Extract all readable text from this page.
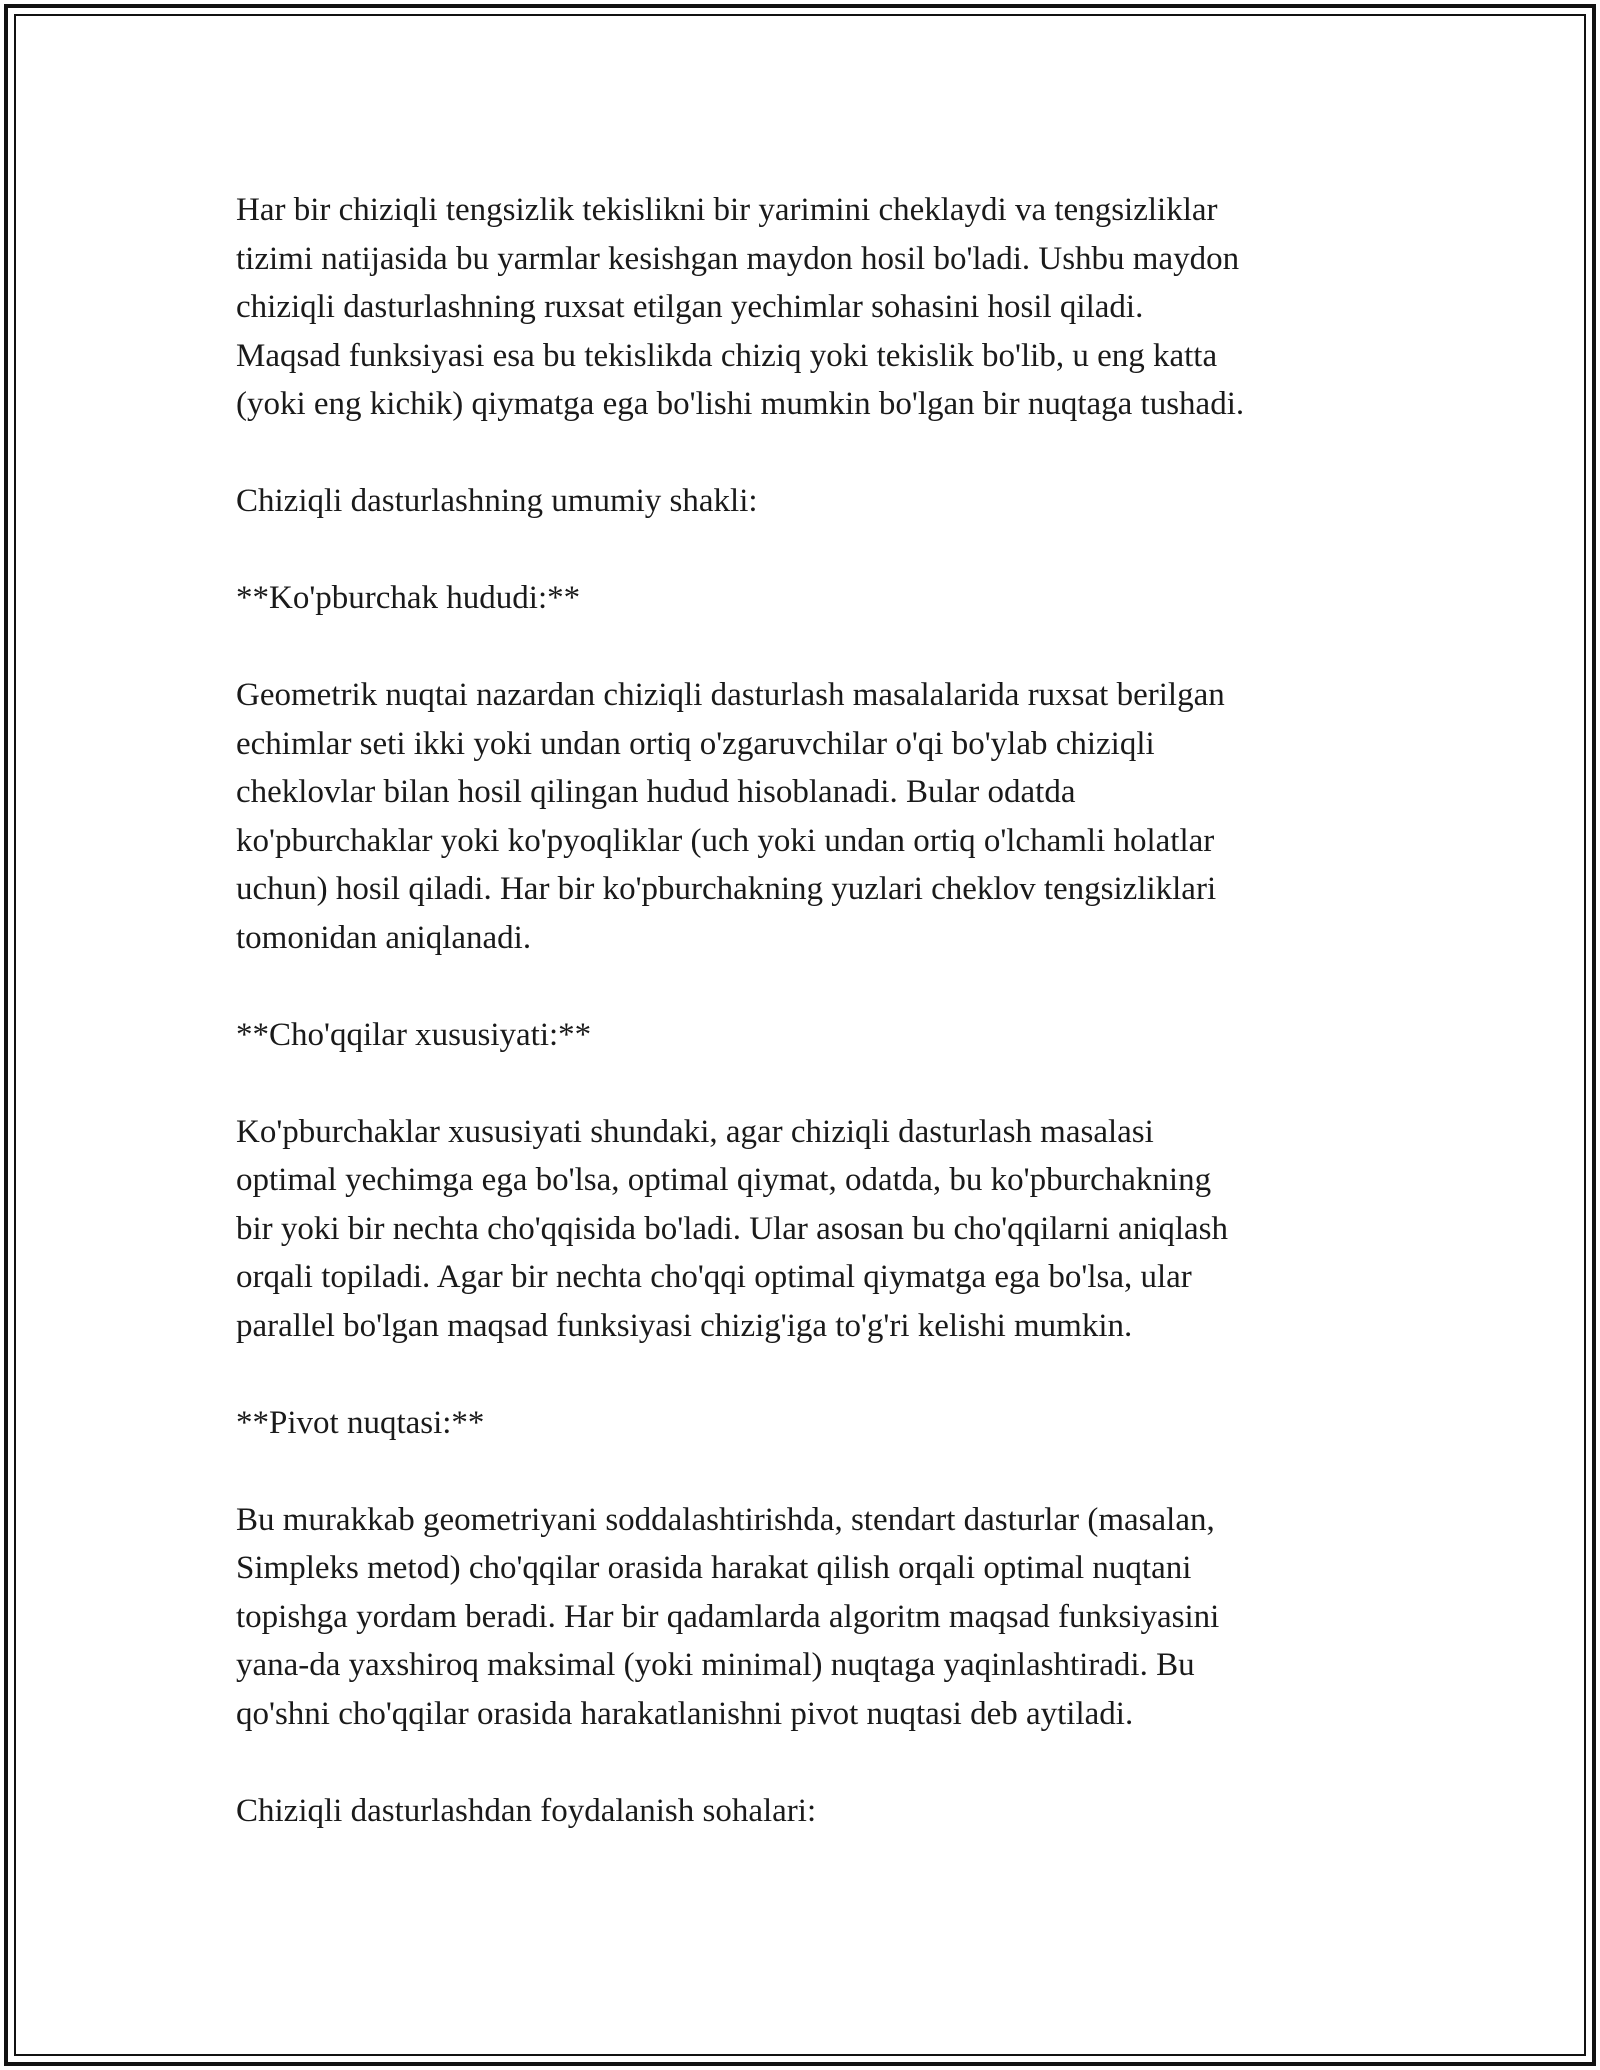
Har bir chiziqli tengsizlik tekislikni bir yarimini cheklaydi va tengsizliklar
tizimi natijasida bu yarmlar kesishgan maydon hosil bo'ladi. Ushbu maydon
chiziqli dasturlashning ruxsat etilgan yechimlar sohasini hosil qiladi.
Maqsad funksiyasi esa bu tekislikda chiziq yoki tekislik bo'lib, u eng katta
(yoki eng kichik) qiymatga ega bo'lishi mumkin bo'lgan bir nuqtaga tushadi.

Chiziqli dasturlashning umumiy shakli:

**Ko'pburchak hududi:**

Geometrik nuqtai nazardan chiziqli dasturlash masalalarida ruxsat berilgan
echimlar seti ikki yoki undan ortiq o'zgaruvchilar o'qi bo'ylab chiziqli
cheklovlar bilan hosil qilingan hudud hisoblanadi. Bular odatda
ko'pburchaklar yoki ko'pyoqliklar (uch yoki undan ortiq o'lchamli holatlar
uchun) hosil qiladi. Har bir ko'pburchakning yuzlari cheklov tengsizliklari
tomonidan aniqlanadi.

**Cho'qqilar xususiyati:**

Ko'pburchaklar xususiyati shundaki, agar chiziqli dasturlash masalasi
optimal yechimga ega bo'lsa, optimal qiymat, odatda, bu ko'pburchakning
bir yoki bir nechta cho'qqisida bo'ladi. Ular asosan bu cho'qqilarni aniqlash
orqali topiladi. Agar bir nechta cho'qqi optimal qiymatga ega bo'lsa, ular
parallel bo'lgan maqsad funksiyasi chizig'iga to'g'ri kelishi mumkin.

**Pivot nuqtasi:**

Bu murakkab geometriyani soddalashtirishda, stendart dasturlar (masalan,
Simpleks metod) cho'qqilar orasida harakat qilish orqali optimal nuqtani
topishga yordam beradi. Har bir qadamlarda algoritm maqsad funksiyasini
yana-da yaxshiroq maksimal (yoki minimal) nuqtaga yaqinlashtiradi. Bu
qo'shni cho'qqilar orasida harakatlanishni pivot nuqtasi deb aytiladi.

Chiziqli dasturlashdan foydalanish sohalari:
